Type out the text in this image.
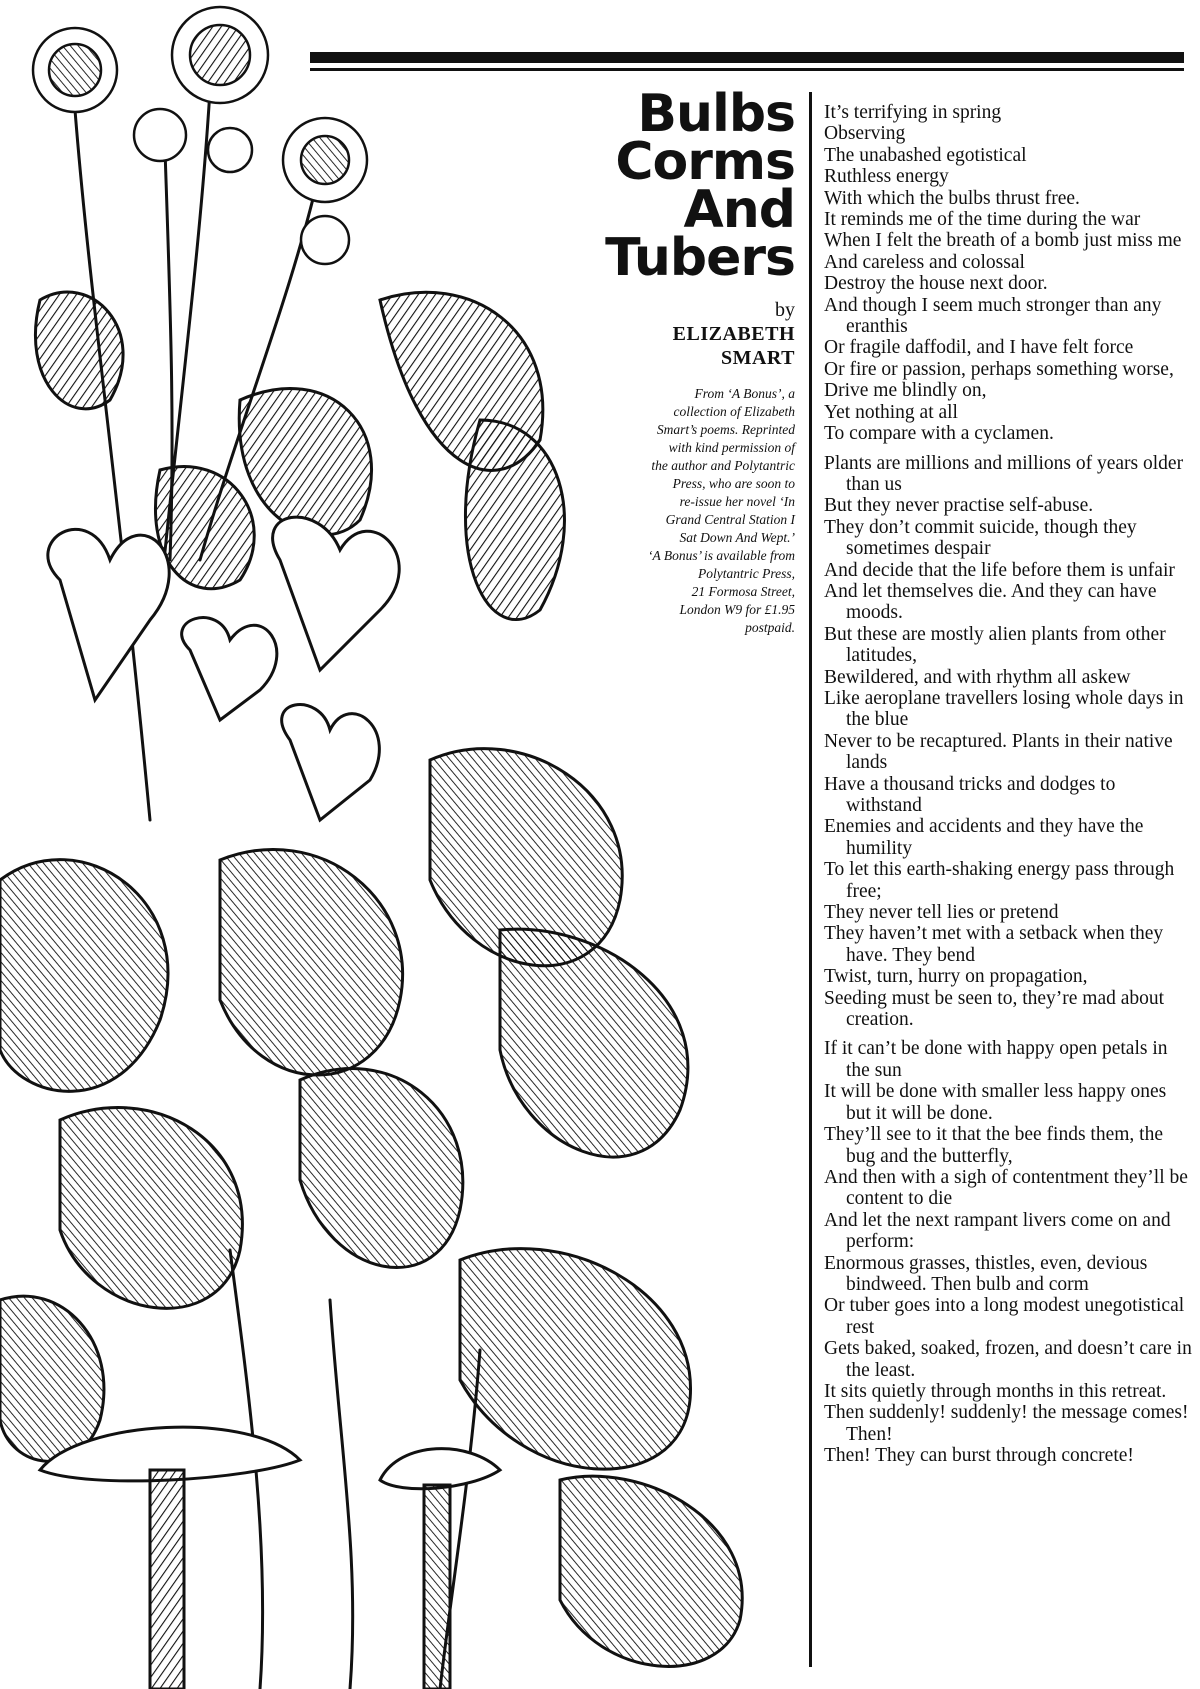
Bulbs
Corms
And
Tubers
by
ELIZABETH
SMART
From ‘A Bonus’, a
collection of Elizabeth
Smart’s poems. Reprinted
with kind permission of
the author and Polytantric
Press, who are soon to
re-issue her novel ‘In
Grand Central Station I
Sat Down And Wept.’
‘A Bonus’ is available from
Polytantric Press,
21 Formosa Street,
London W9 for £1.95
postpaid.
It’s terrifying in spring
Observing
The unabashed egotistical
Ruthless energy
With which the bulbs thrust free.
It reminds me of the time during the war
When I felt the breath of a bomb just miss me
And careless and colossal
Destroy the house next door.
And though I seem much stronger than any eranthis
Or fragile daffodil, and I have felt force
Or fire or passion, perhaps something worse,
Drive me blindly on,
Yet nothing at all
To compare with a cyclamen.
Plants are millions and millions of years older than us
But they never practise self-abuse.
They don’t commit suicide, though they sometimes despair
And decide that the life before them is unfair
And let themselves die. And they can have moods.
But these are mostly alien plants from other latitudes,
Bewildered, and with rhythm all askew
Like aeroplane travellers losing whole days in the blue
Never to be recaptured. Plants in their native lands
Have a thousand tricks and dodges to withstand
Enemies and accidents and they have the humility
To let this earth-shaking energy pass through free;
They never tell lies or pretend
They haven’t met with a setback when they have. They bend
Twist, turn, hurry on propagation,
Seeding must be seen to, they’re mad about creation.
If it can’t be done with happy open petals in the sun
It will be done with smaller less happy ones but it will be done.
They’ll see to it that the bee finds them, the bug and the butterfly,
And then with a sigh of contentment they’ll be content to die
And let the next rampant livers come on and perform:
Enormous grasses, thistles, even, devious bindweed. Then bulb and corm
Or tuber goes into a long modest unegotistical rest
Gets baked, soaked, frozen, and doesn’t care in the least.
It sits quietly through months in this retreat.
Then suddenly! suddenly! the message comes! Then!
Then! They can burst through concrete!
